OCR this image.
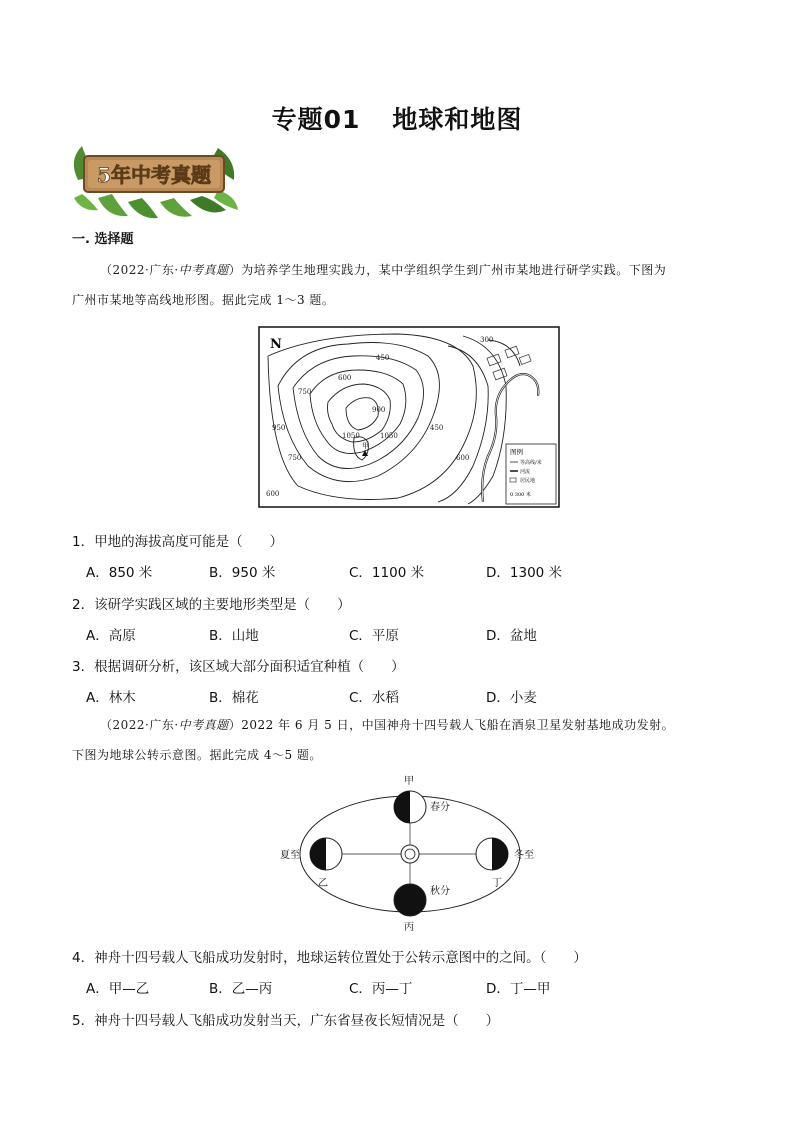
专题01 地球和地图
5年中考真题
一. 选择题
（2022·广东·中考真题）为培养学生地理实践力，某中学组织学生到广州市某地进行研学实践。下图为
广州市某地等高线地形图。据此完成 1～3 题。
N
450
600
750
900
1050
1050
950
750
600
300
600
450
甲
图例
等高线/米
河流
居民地
0 300 米
1．甲地的海拔高度可能是（　　）
A．850 米	B．950 米	C．1100 米	D．1300 米
2．该研学实践区域的主要地形类型是（　　）
A．高原	B．山地	C．平原	D．盆地
3．根据调研分析，该区域大部分面积适宜种植（　　）
A．林木	B．棉花	C．水稻	D．小麦
（2022·广东·中考真题）2022 年 6 月 5 日，中国神舟十四号载人飞船在酒泉卫星发射基地成功发射。
下图为地球公转示意图。据此完成 4～5 题。
甲
春分
夏至
乙
秋分
丙
冬至
丁
4．神舟十四号载人飞船成功发射时，地球运转位置处于公转示意图中的之间。（　　）
A．甲—乙	B．乙—丙	C．丙—丁	D．丁—甲
5．神舟十四号载人飞船成功发射当天，广东省昼夜长短情况是（　　）
